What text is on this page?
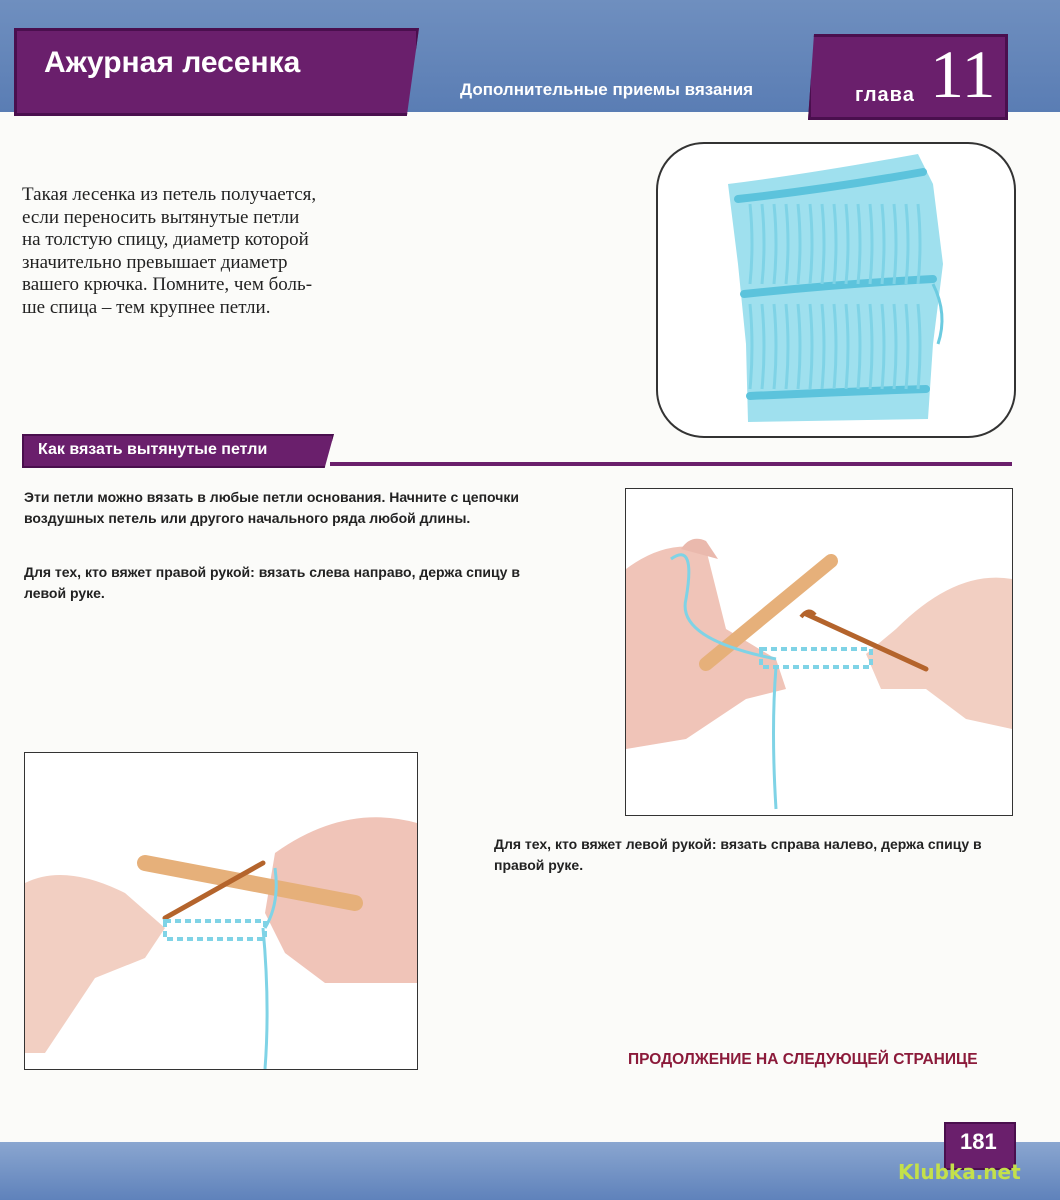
Ажурная лесенка
Дополнительные приемы вязания	глава 11
Такая лесенка из петель получается,
если переносить вытянутые петли
на толстую спицу, диаметр которой
значительно превышает диаметр
вашего крючка. Помните, чем боль-
ше спица – тем крупнее петли.
Как вязать вытянутые петли
Эти петли можно вязать в любые петли основания. Начните с цепочки воздушных петель или другого начального ряда любой длины.
Для тех, кто вяжет правой рукой: вязать слева направо, держа спицу в левой руке.
Для тех, кто вяжет левой рукой: вязать справа налево, держа спицу в правой руке.
ПРОДОЛЖЕНИЕ НА СЛЕДУЮЩЕЙ СТРАНИЦЕ
181
Klubka.net
